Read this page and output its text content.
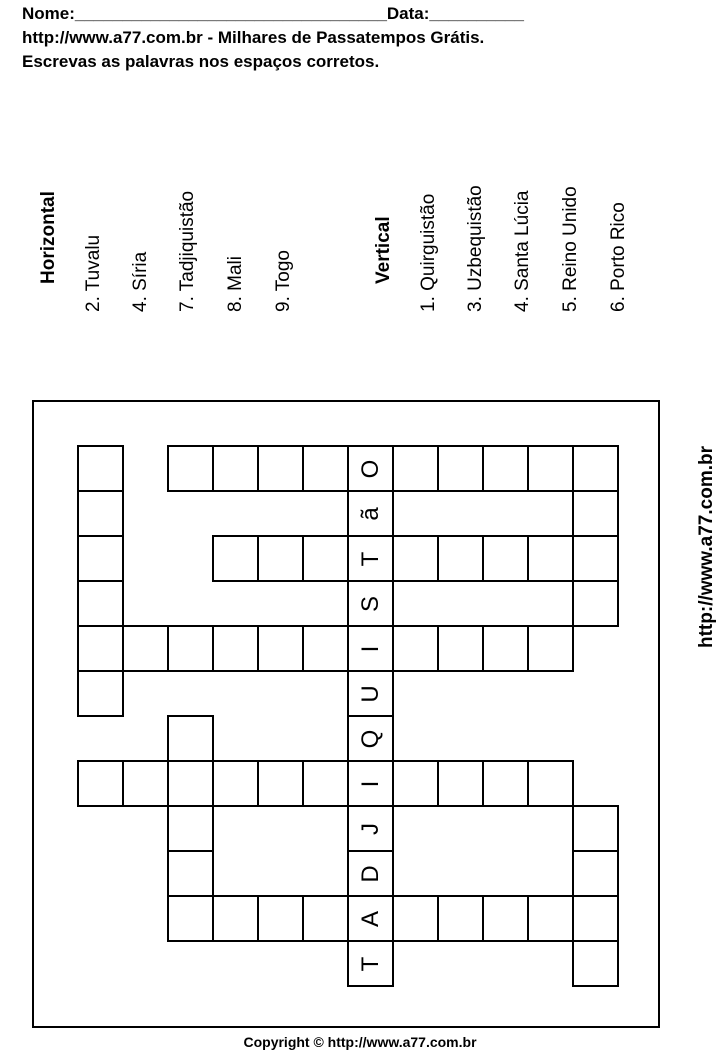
Nome:_________________________________Data:__________
http://www.a77.com.br - Milhares de Passatempos Grátis.
Escrevas as palavras nos espaços corretos.
Horizontal 2. Tuvalu 4. Síria 7. Tadjiquistão 8. Mali 9. Togo	Vertical 1. Quirguistão 3. Uzbequistão 4. Santa Lúcia 5. Reino Unido 6. Porto Rico
O
ã
T
S
I
U
Q
I
J
D
A
T
http://www.a77.com.br
Copyright © http://www.a77.com.br
